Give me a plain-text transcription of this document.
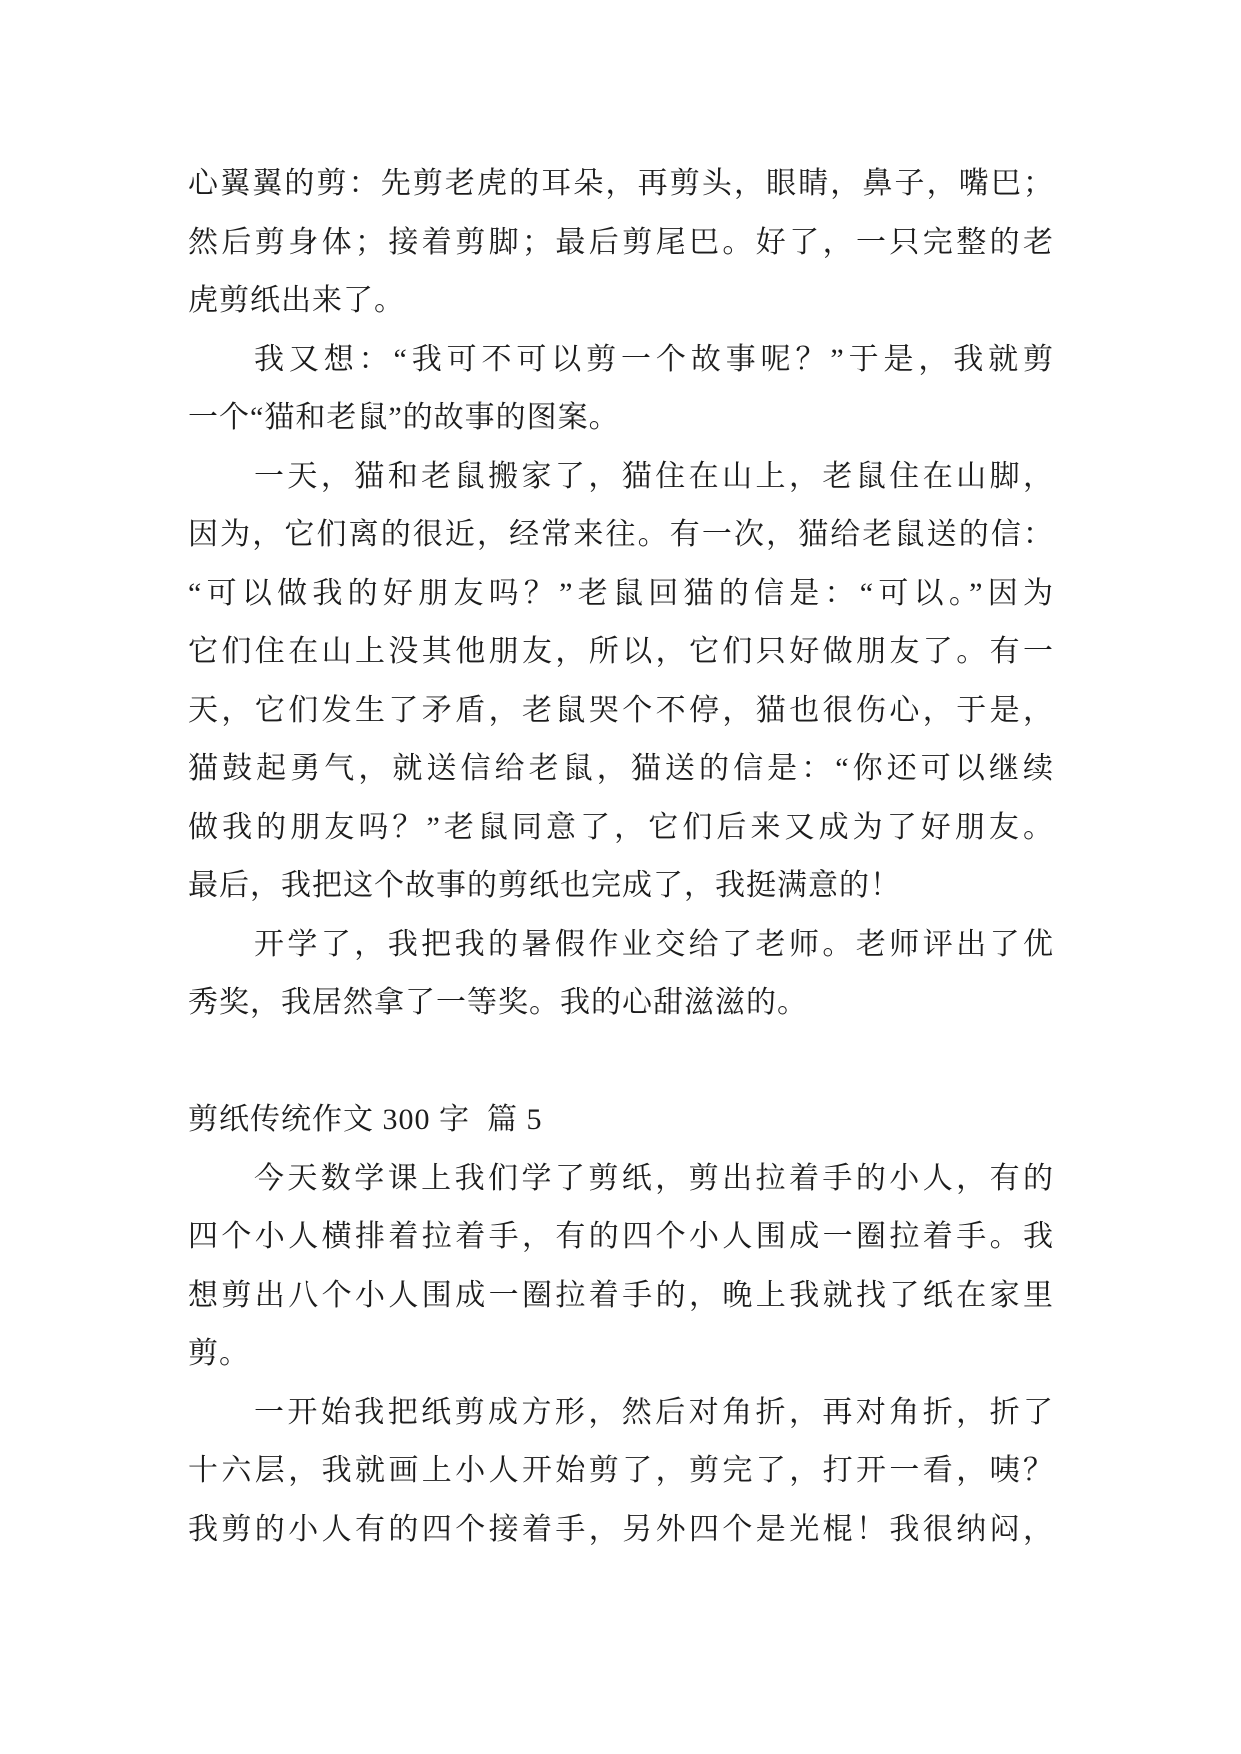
心翼翼的剪：先剪老虎的耳朵，再剪头，眼睛，鼻子，嘴巴；
然后剪身体；接着剪脚；最后剪尾巴。好了，一只完整的老
虎剪纸出来了。
我又想：“我可不可以剪一个故事呢？”于是，我就剪
一个“猫和老鼠”的故事的图案。
一天，猫和老鼠搬家了，猫住在山上，老鼠住在山脚，
因为，它们离的很近，经常来往。有一次，猫给老鼠送的信：
“可以做我的好朋友吗？”老鼠回猫的信是：“可以。”因为
它们住在山上没其他朋友，所以，它们只好做朋友了。有一
天，它们发生了矛盾，老鼠哭个不停，猫也很伤心，于是，
猫鼓起勇气，就送信给老鼠，猫送的信是：“你还可以继续
做我的朋友吗？”老鼠同意了，它们后来又成为了好朋友。
最后，我把这个故事的剪纸也完成了，我挺满意的！
开学了，我把我的暑假作业交给了老师。老师评出了优
秀奖，我居然拿了一等奖。我的心甜滋滋的。
剪纸传统作文 300 字  篇 5
今天数学课上我们学了剪纸，剪出拉着手的小人，有的
四个小人横排着拉着手，有的四个小人围成一圈拉着手。我
想剪出八个小人围成一圈拉着手的，晚上我就找了纸在家里
剪。
一开始我把纸剪成方形，然后对角折，再对角折，折了
十六层，我就画上小人开始剪了，剪完了，打开一看，咦？
我剪的小人有的四个接着手，另外四个是光棍！我很纳闷，
